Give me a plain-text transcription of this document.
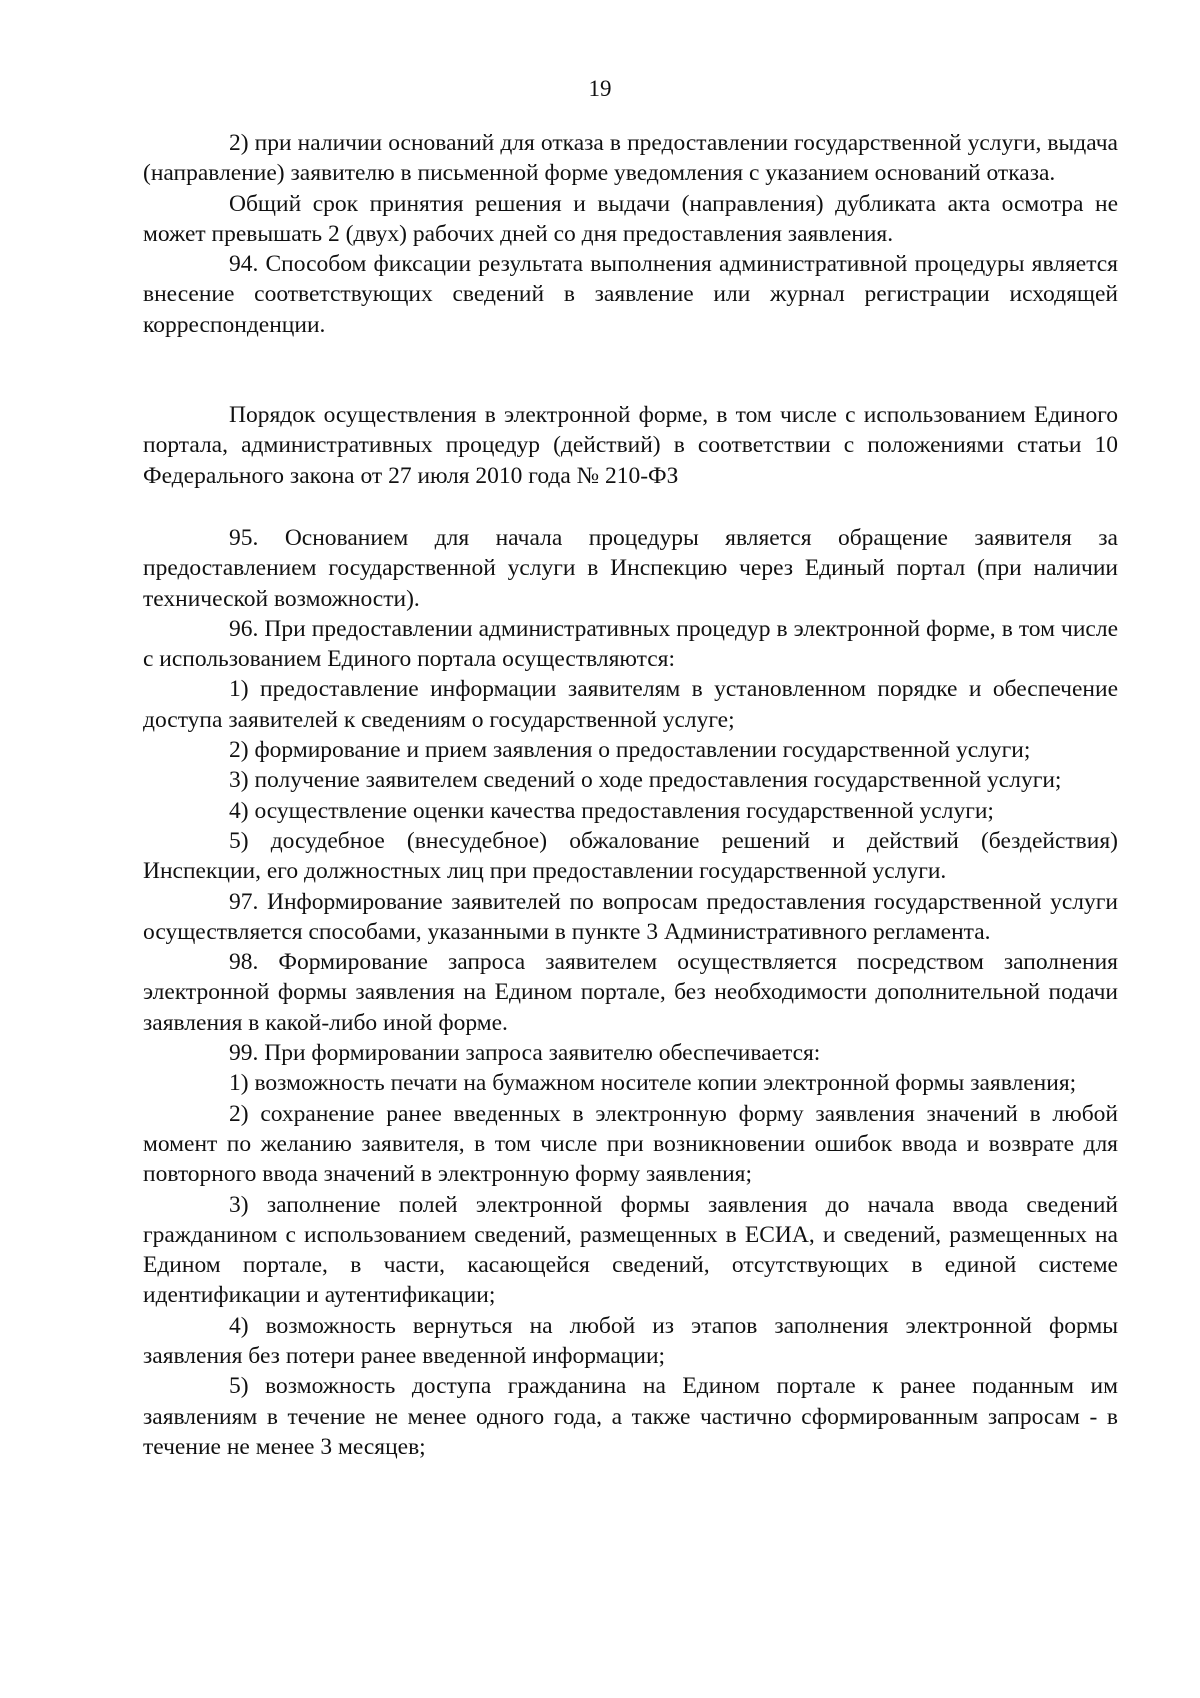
19

2) при наличии оснований для отказа в предоставлении государственной услуги, выдача (направление) заявителю в письменной форме уведомления с указанием оснований отказа.

Общий срок принятия решения и выдачи (направления) дубликата акта осмотра не может превышать 2 (двух) рабочих дней со дня предоставления заявления.

94. Способом фиксации результата выполнения административной процедуры является внесение соответствующих сведений в заявление или журнал регистрации исходящей корреспонденции.

Порядок осуществления в электронной форме, в том числе с использованием Единого портала, административных процедур (действий) в соответствии с положениями статьи 10 Федерального закона от 27 июля 2010 года № 210-ФЗ

95. Основанием для начала процедуры является обращение заявителя за предоставлением государственной услуги в Инспекцию через Единый портал (при наличии технической возможности).

96. При предоставлении административных процедур в электронной форме, в том числе с использованием Единого портала осуществляются:

1) предоставление информации заявителям в установленном порядке и обеспечение доступа заявителей к сведениям о государственной услуге;

2) формирование и прием заявления о предоставлении государственной услуги;

3) получение заявителем сведений о ходе предоставления государственной услуги;

4) осуществление оценки качества предоставления государственной услуги;

5) досудебное (внесудебное) обжалование решений и действий (бездействия) Инспекции, его должностных лиц при предоставлении государственной услуги.

97. Информирование заявителей по вопросам предоставления государственной услуги осуществляется способами, указанными в пункте 3 Административного регламента.

98. Формирование запроса заявителем осуществляется посредством заполнения электронной формы заявления на Едином портале, без необходимости дополнительной подачи заявления в какой-либо иной форме.

99. При формировании запроса заявителю обеспечивается:

1) возможность печати на бумажном носителе копии электронной формы заявления;

2) сохранение ранее введенных в электронную форму заявления значений в любой момент по желанию заявителя, в том числе при возникновении ошибок ввода и возврате для повторного ввода значений в электронную форму заявления;

3) заполнение полей электронной формы заявления до начала ввода сведений гражданином с использованием сведений, размещенных в ЕСИА, и сведений, размещенных на Едином портале, в части, касающейся сведений, отсутствующих в единой системе идентификации и аутентификации;

4) возможность вернуться на любой из этапов заполнения электронной формы заявления без потери ранее введенной информации;

5) возможность доступа гражданина на Едином портале к ранее поданным им заявлениям в течение не менее одного года, а также частично сформированным запросам - в течение не менее 3 месяцев;
